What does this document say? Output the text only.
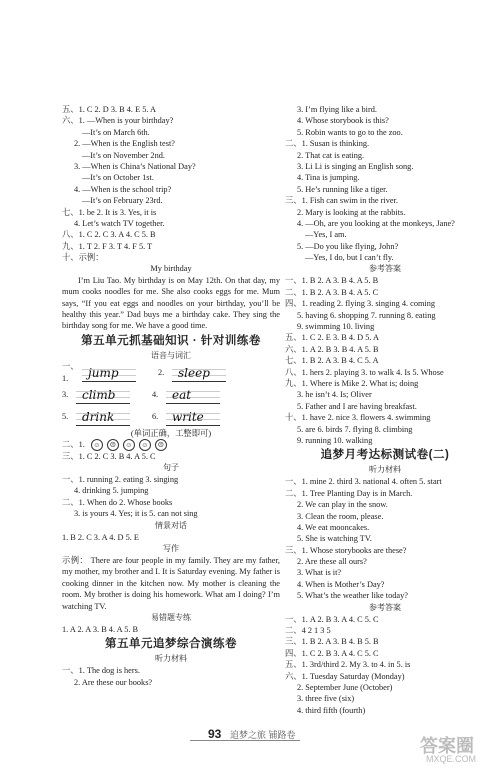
五、1. C 2. D 3. B 4. E 5. A
六、1. —When is your birthday?
—It’s on March 6th.
2. —When is the English test?
—It’s on November 2nd.
3. —When is China’s National Day?
—It’s on October 1st.
4. —When is the school trip?
—It’s on February 23rd.
七、1. be 2. It is 3. Yes, it is
4. Let’s watch TV together.
八、1. C 2. C 3. A 4. C 5. B
九、1. T 2. F 3. T 4. F 5. T
十、示例：
My birthday
I’m Liu Tao. My birthday is on May 12th. On that day, my mum cooks noodles for me. She also cooks eggs for me. Mum says, “If you eat eggs and noodles on your birthday, you’ll be healthy this year.” Dad buys me a birthday cake. They sing the birthday song for me. We have a good time.
第五单元抓基础知识 · 针对训练卷
语音与词汇
一、1.	jump	2.	sleep
3.	climb	4.	eat
5.	drink	6.	write
(单词正确，工整即可)
二、1.	☺	☹	☺	☺	☹
三、1. C 2. C 3. B 4. A 5. C
句子
一、1. running 2. eating 3. singing
4. drinking 5. jumping
二、1. When do 2. Whose books
3. is yours 4. Yes; it is 5. can not sing
情景对话
1. B 2. C 3. A 4. D 5. E
写作
示例： There are four people in my family. They are my father, my mother, my brother and I. It is Saturday evening. My father is cooking dinner in the kitchen now. My mother is cleaning the room. My brother is doing his homework. What am I doing? I’m watching TV.
易错题专练
1. A 2. A 3. B 4. A 5. B
第五单元追梦综合演练卷
听力材料
一、1. The dog is hers.
2. Are these our books?
3. I’m flying like a bird.
4. Whose storybook is this?
5. Robin wants to go to the zoo.
二、1. Susan is thinking.
2. That cat is eating.
3. Li Li is singing an English song.
4. Tina is jumping.
5. He’s running like a tiger.
三、1. Fish can swim in the river.
2. Mary is looking at the rabbits.
4. —Oh, are you looking at the monkeys, Jane?
—Yes, I am.
5. —Do you like flying, John?
—Yes, I do, but I can’t fly.
参考答案
一、1. B 2. A 3. B 4. A 5. B
二、1. B 2. A 3. B 4. A 5. C
四、1. reading 2. flying 3. singing 4. coming
5. having 6. shopping 7. running 8. eating
9. swimming 10. living
五、1. C 2. E 3. B 4. D 5. A
六、1. A 2. B 3. B 4. A 5. B
七、1. B 2. A 3. B 4. C 5. A
八、1. hers 2. playing 3. to walk 4. Is 5. Whose
九、1. Where is Mike 2. What is; doing
3. he isn’t 4. Is; Oliver
5. Father and I are having breakfast.
十、1. have 2. nice 3. flowers 4. swimming
5. are 6. birds 7. flying 8. climbing
9. running 10. walking
追梦月考达标测试卷(二)
听力材料
一、1. mine 2. third 3. national 4. often 5. start
二、1. Tree Planting Day is in March.
2. We can play in the snow.
3. Clean the room, please.
4. We eat mooncakes.
5. She is watching TV.
三、1. Whose storybooks are these?
2. Are these all ours?
3. What is it?
4. When is Mother’s Day?
5. What’s the weather like today?
参考答案
一、1. A 2. B 3. A 4. C 5. C
二、4 2 1 3 5
三、1. B 2. A 3. B 4. B 5. B
四、1. C 2. B 3. A 4. C 5. C
五、1. 3rd/third 2. My 3. to 4. in 5. is
六、1. Tuesday Saturday (Monday)
2. September June (October)
3. three five (six)
4. third fifth (fourth)
93 追梦之旅 铺路卷
答案圈
MXQE.COM
